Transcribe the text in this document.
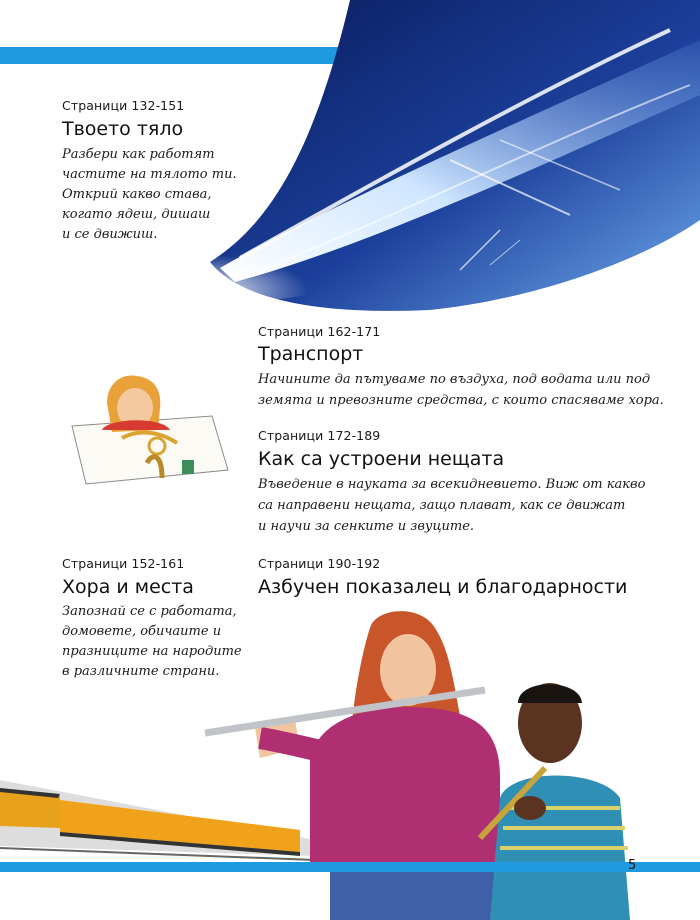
Страници 132-151
Твоето тяло
Разбери как работят
частите на тялото ти.
Открий какво става,
когато ядеш, дишаш
и се движиш.
Страници 162-171
Транспорт
Начините да пътуваме по въздуха, под водата или под
земята и превозните средства, с които спасяваме хора.
Страници 172-189
Как са устроени нещата
Въведение в науката за всекидневието. Виж от какво
са направени нещата, защо плават, как се движат
и научи за сенките и звуците.
Страници 152-161
Хора и места
Запознай се с работата,
домовете, обичаите и
празниците на народите
в различните страни.
Страници 190-192
Азбучен показалец и благодарности
5
